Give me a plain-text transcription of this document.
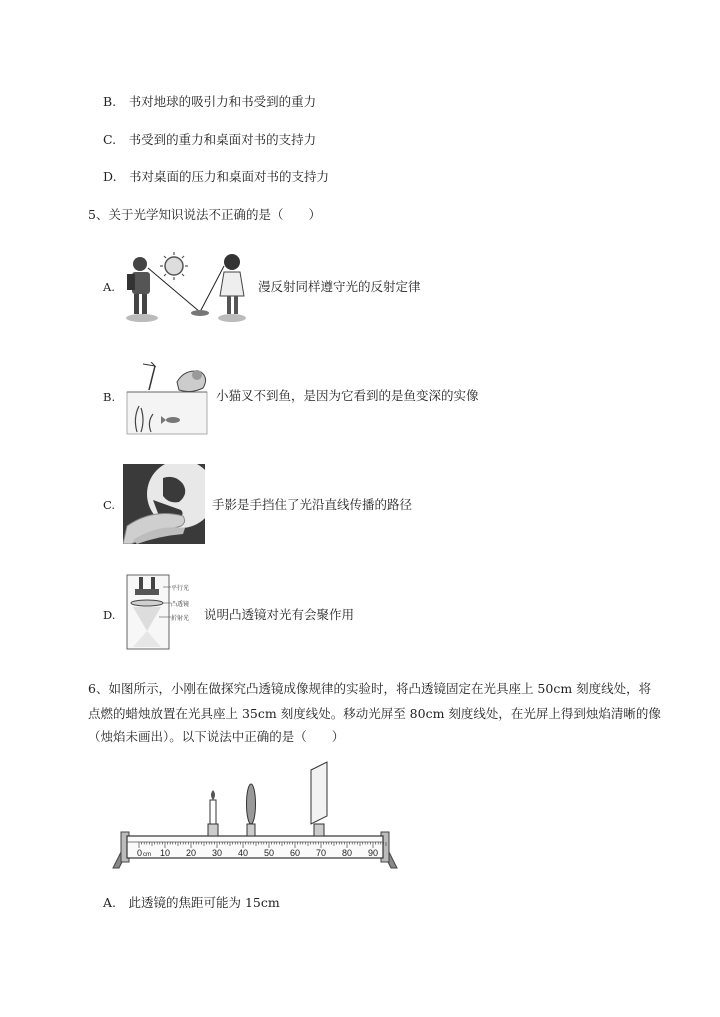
B.　书对地球的吸引力和书受到的重力
C.　书受到的重力和桌面对书的支持力
D.　书对桌面的压力和桌面对书的支持力
5、关于光学知识说法不正确的是（　　）
A.	漫反射同样遵守光的反射定律
B.	小猫叉不到鱼，是因为它看到的是鱼变深的实像
C.	手影是手挡住了光沿直线传播的路径
D.
平行光
凸透镜
折射光 说明凸透镜对光有会聚作用
6、如图所示，小刚在做探究凸透镜成像规律的实验时，将凸透镜固定在光具座上 50cm 刻度线处，将
点燃的蜡烛放置在光具座上 35cm 刻度线处。移动光屏至 80cm 刻度线处，在光屏上得到烛焰清晰的像
（烛焰未画出）。以下说法中正确的是（　　）
0 cm 10 20 30 40 50 60 70 80 90
A.　此透镜的焦距可能为 15cm
